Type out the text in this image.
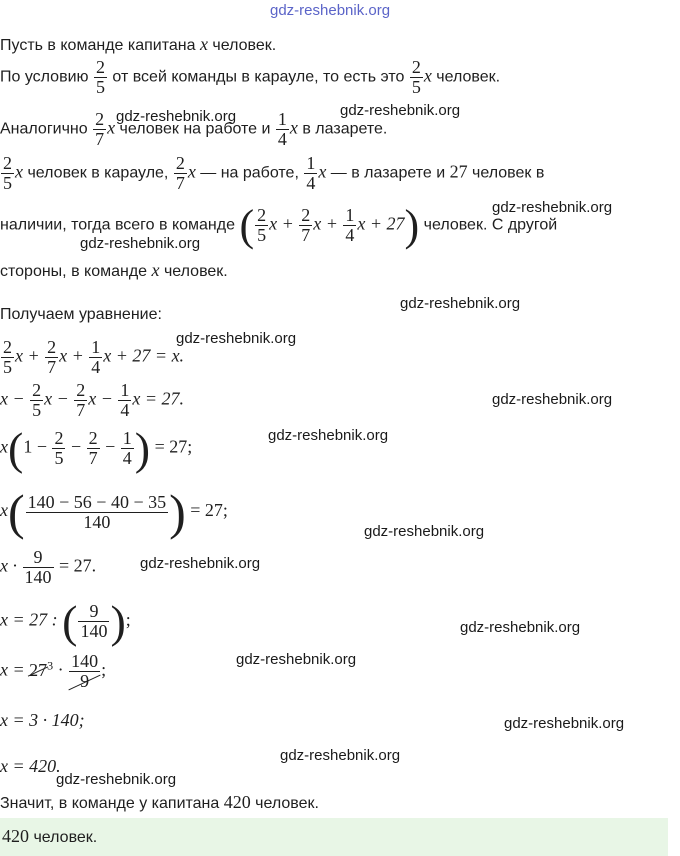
gdz-reshebnik.org
Пусть в команде капитана x человек.
По условию $\frac{2}{5}$ от всей команды в карауле, то есть это $\frac{2}{5}$ x человек.
Аналогично $\frac{2}{7}$ x человек на работе и $\frac{1}{4}$ x в лазарете.
$\frac{2}{5}$ x человек в карауле, $\frac{2}{7}$ x — на работе, $\frac{1}{4}$ x — в лазарете и 27 человек в
наличии, тогда всего в команде ( $\frac{2}{5}$ $x + \frac{2}{7}$ $x + \frac{1}{4}$ x + 27) человек. С другой
стороны, в команде x человек.
Получаем уравнение:
$\frac{2}{5}$ $x + \frac{2}{7}$ $x + \frac{1}{4}$ x + 27 = x.
$x - \frac{2}{5}$ $x - \frac{2}{7}$ $x - \frac{1}{4}$ x = 27.
$x(1 - \frac{2}{5} - \frac{2}{7} - \frac{1}{4}$ ) = 27;
$x( \frac{140 - 56 - 40 - 35}{140}$ ) = 27;
$x \cdot \frac{9}{140} = 27$.
x = 27 : ( $\frac{9}{140}$ );
$x = 27^3 \cdot \frac{140}{9}$ ;
x = 3 · 140;
x = 420.
Значит, в команде у капитана 420 человек.
420 человек.
gdz-reshebnik.org	gdz-reshebnik.org
gdz-reshebnik.org
gdz-reshebnik.org
gdz-reshebnik.org
gdz-reshebnik.org
gdz-reshebnik.org
gdz-reshebnik.org
gdz-reshebnik.org
gdz-reshebnik.org
gdz-reshebnik.org
gdz-reshebnik.org
gdz-reshebnik.org
gdz-reshebnik.org
gdz-reshebnik.org
